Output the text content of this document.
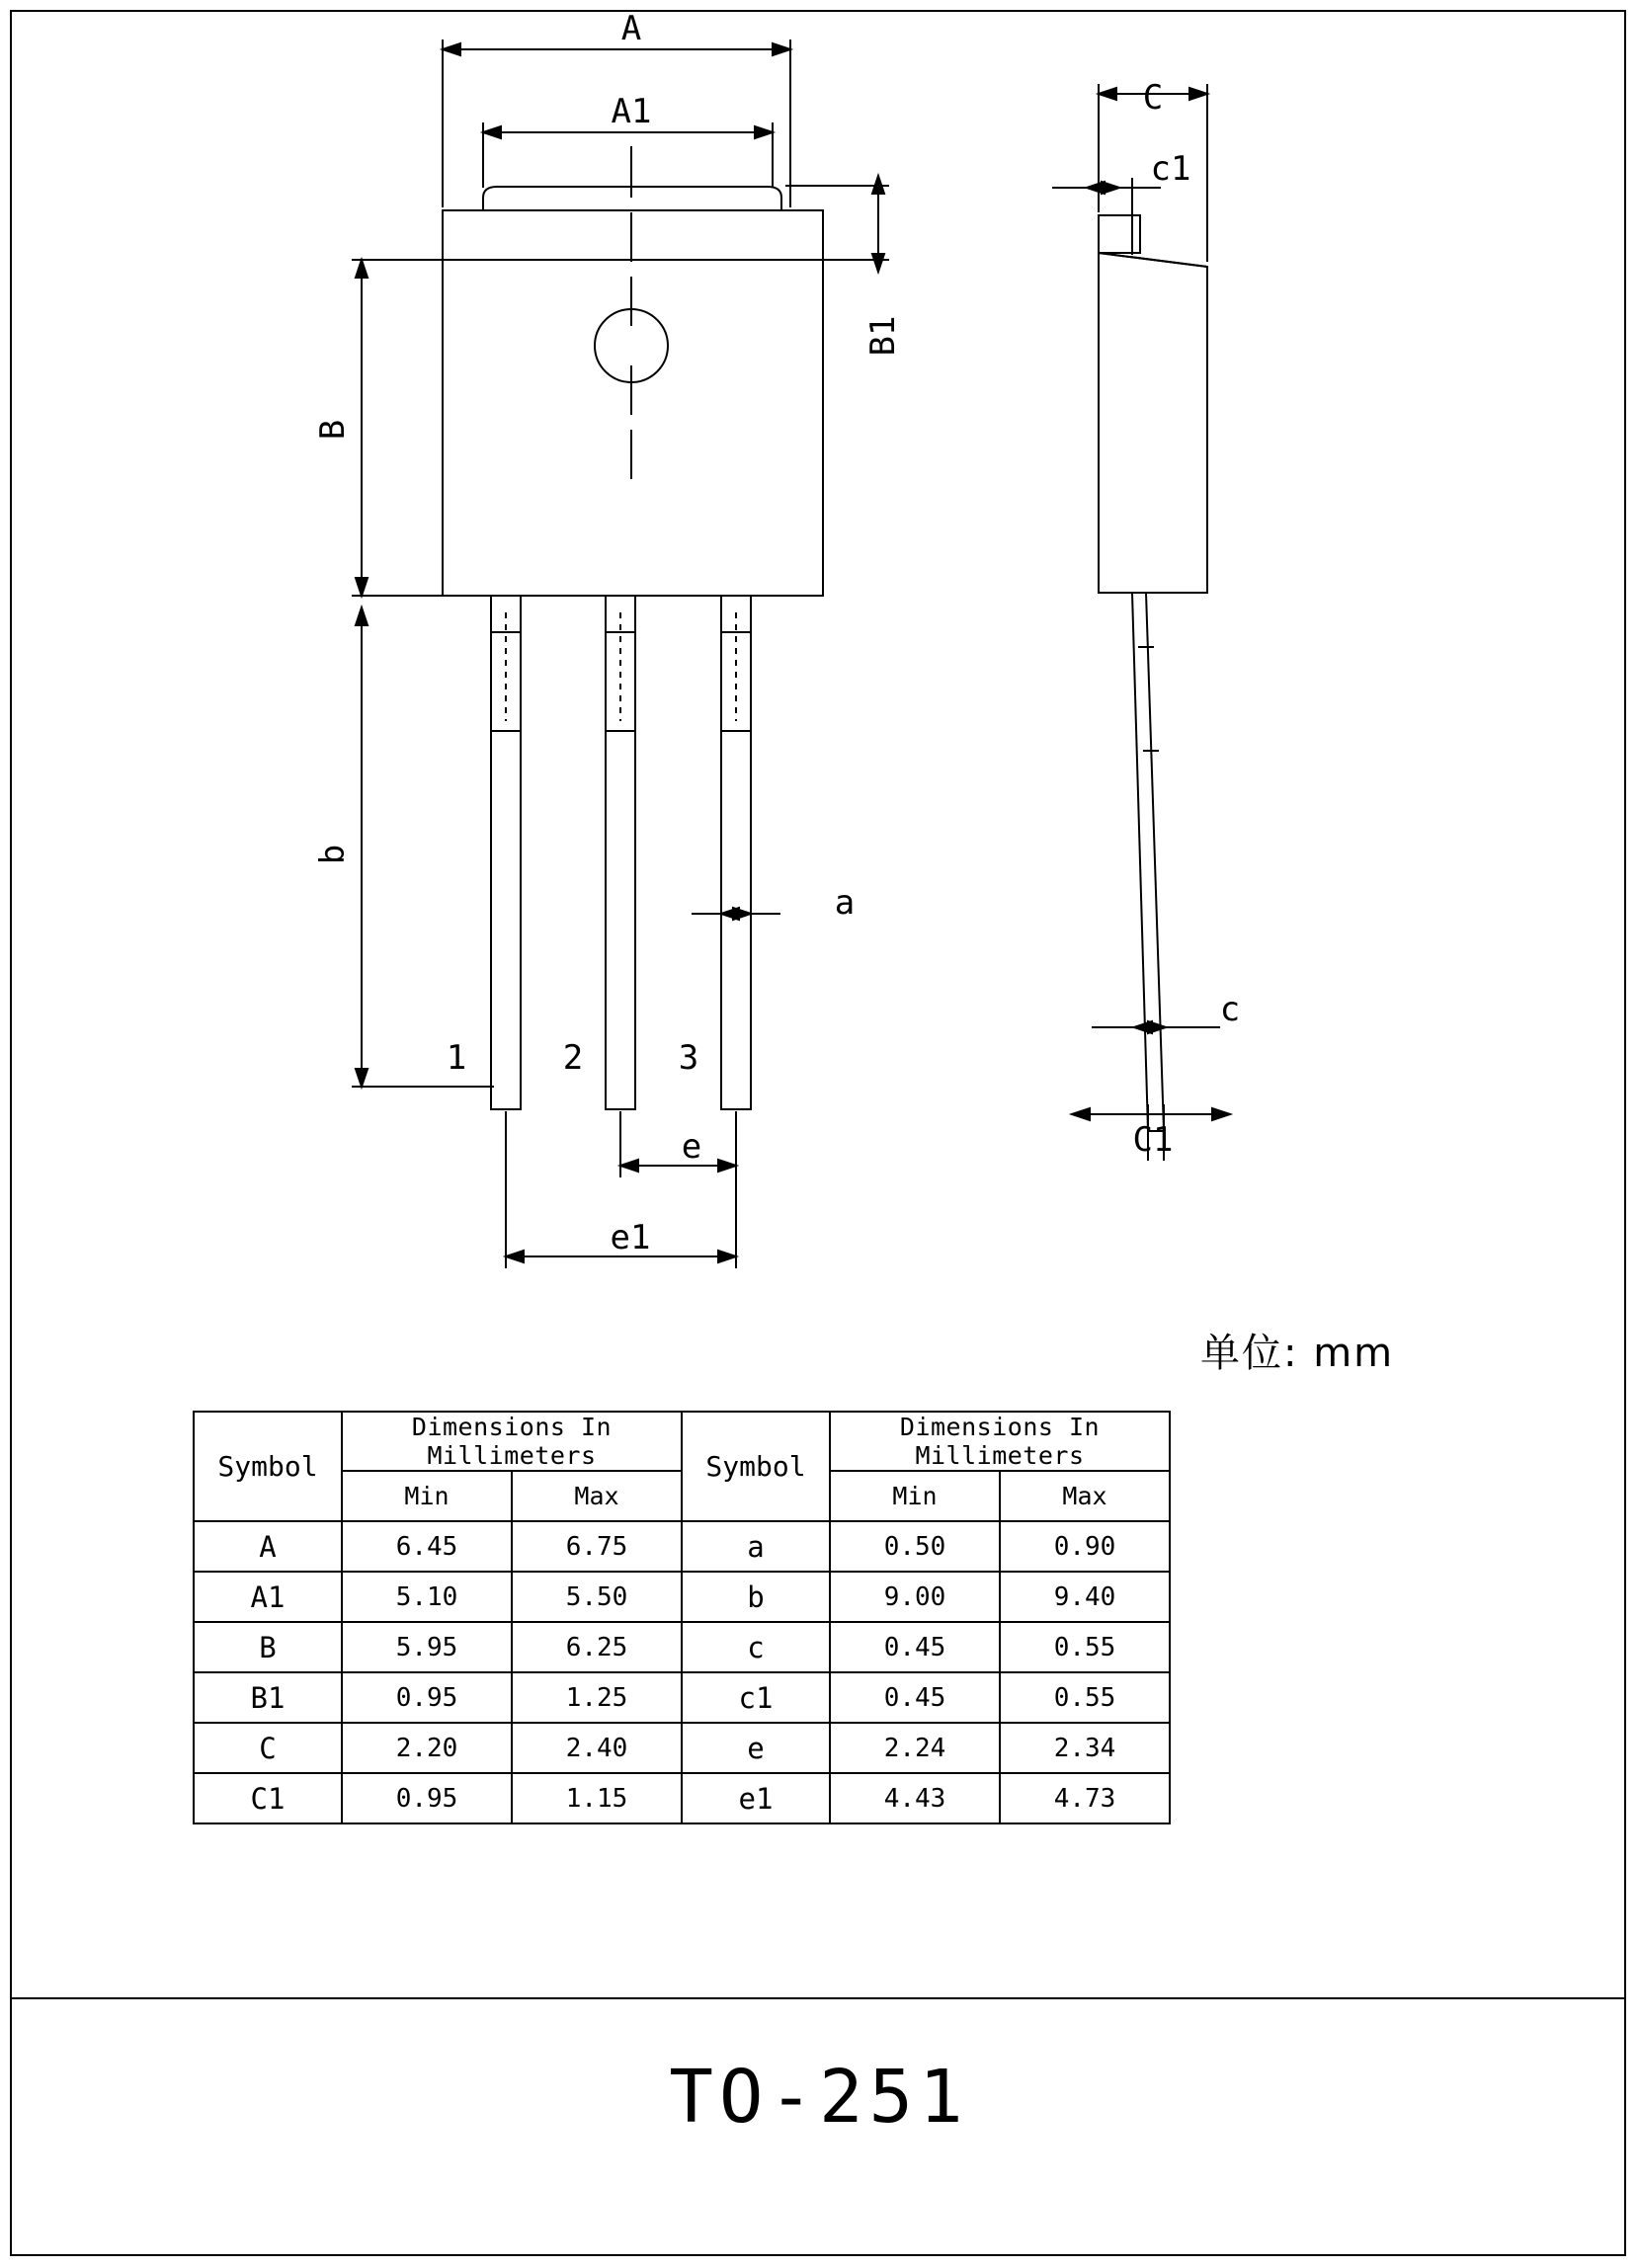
A
A1
B1
B
b
a
e
e1
C
c1
c
C1
1	2	3
单位: mm
Symbol	Dimensions In Millimeters		Symbol	Dimensions In Millimeters	
	Min	Max		Min	Max
A	6.45	6.75	a	0.50	0.90
A1	5.10	5.50	b	9.00	9.40
B	5.95	6.25	c	0.45	0.55
B1	0.95	1.25	c1	0.45	0.55
C	2.20	2.40	e	2.24	2.34
C1	0.95	1.15	e1	4.43	4.73
TO-251
